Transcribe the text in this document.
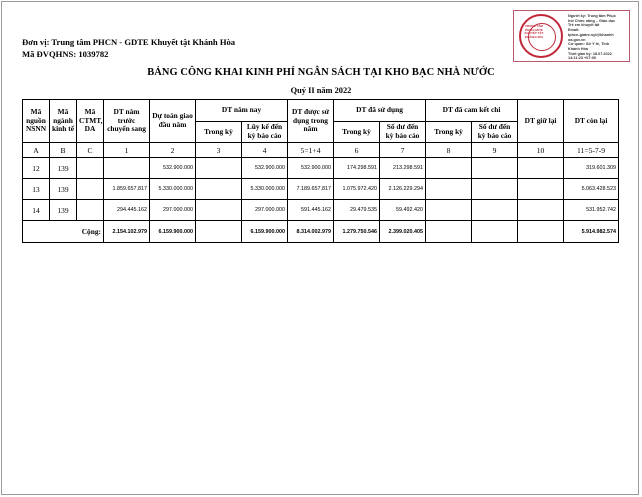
Đơn vị: Trung tâm PHCN - GDTE Khuyết tật Khánh Hòa
Mã ĐVQHNS: 1039782
TRUNG TÂM
PHCN-GDTE
KHUYẾT TẬT
KHÁNH HÒA
Người ký: Trung tâm Phục
hồi Chức năng – Giáo dục
Trẻ em khuyết tật
Email:
tphcn-giatre.syt@khanhh
oa.gov.vn
Cơ quan: Sở Y tế, Tỉnh
Khánh Hòa
Thời gian ký: 18.07.2022
14:11:23 +07:00
BẢNG CÔNG KHAI KINH PHÍ NGÂN SÁCH TẠI KHO BẠC NHÀ NƯỚC
Quý II năm 2022
Mã nguồn NSNN	Mã ngành kinh tế	Mã CTMT, DA	DT năm trước chuyển sang	Dự toán giao đầu năm	DT năm nay		DT được sử dụng trong năm	DT đã sử dụng		DT đã cam kết chi		DT giữ lại	DT còn lại
					Trong kỳ	Lũy kế đến kỳ báo cáo		Trong kỳ	Số dư đến kỳ báo cáo	Trong kỳ	Số dư đến kỳ báo cáo		
A	B	C	1	2	3	4	5=1+4	6	7	8	9	10	11=5-7-9
12	139			532.900.000		532.900.000	532.900.000	174.298.591	213.298.591				319.601.309
13	139		1.859.657.817	5.330.000.000		5.330.000.000	7.189.657.817	1.075.972.420	2.126.229.294				5.063.428.523
14	139		294.445.162	297.000.000		297.000.000	591.445.162	29.479.535	59.492.420				531.952.742
Cộng:			2.154.102.979	6.159.900.000		6.159.900.000	8.314.002.979	1.279.750.546	2.399.020.405				5.914.982.574
